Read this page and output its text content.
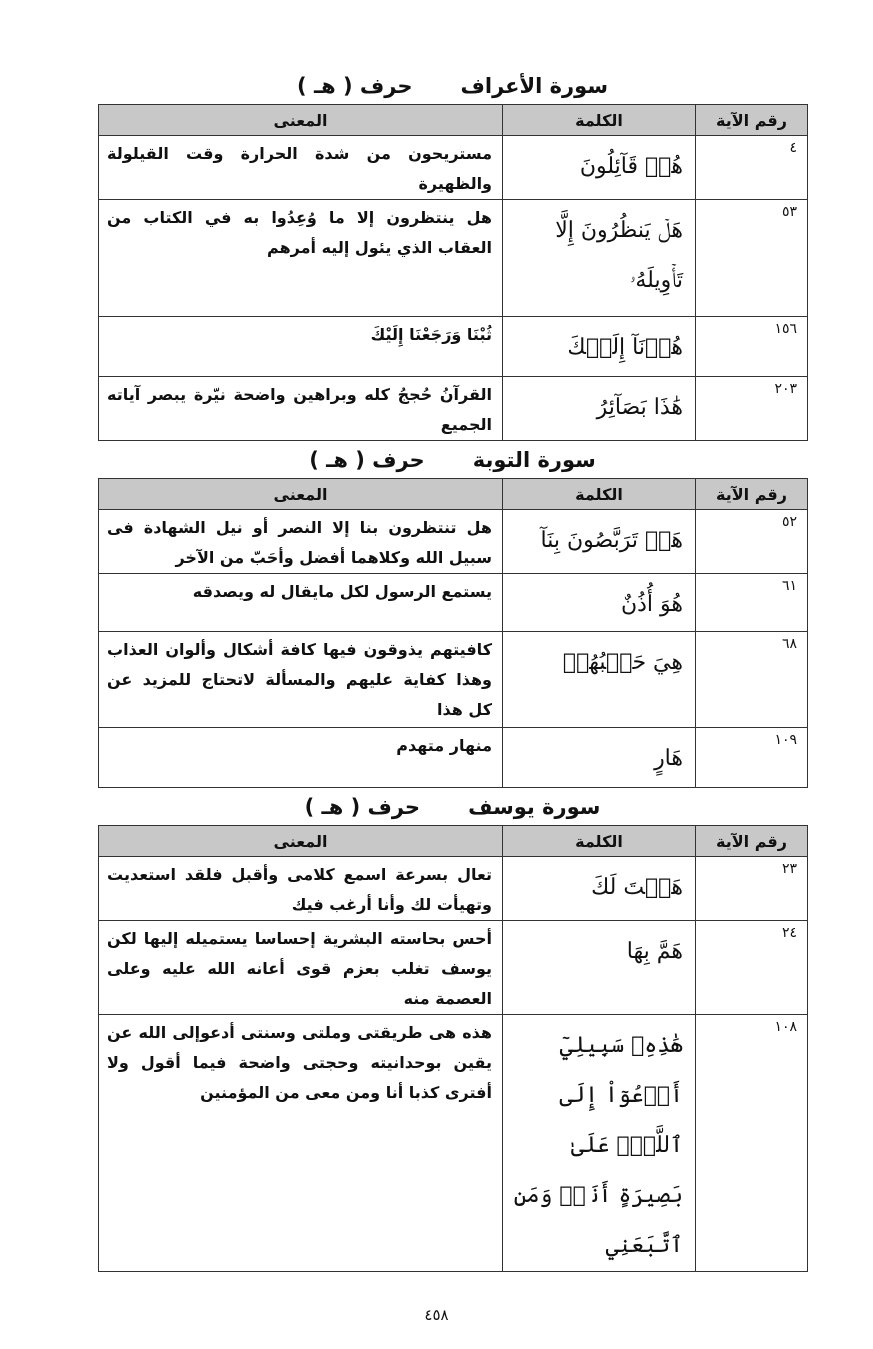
سورة الأعراف
حرف ( هـ )
رقم الآية	الكلمة	المعنى
٤	هُمۡ قَآئِلُونَ	مستريحون من شدة الحرارة وقت القيلولة والظهيرة
٥٣	هَلۡ يَنظُرُونَ إِلَّا تَأۡوِيلَهُۥ	هل ينتظرون إلا ما وُعِدُوا به في الكتاب من العقاب الذي يئول إليه أمرهم
١٥٦	هُدۡنَآ إِلَيۡكَ	ثُبْنَا وَرَجَعْنَا إِلَيْكَ
٢٠٣	هَٰذَا بَصَآئِرُ	القرآنُ حُججُ كله وبراهين واضحة نيّرة يبصر آياته الجميع
سورة التوبة
حرف ( هـ )
رقم الآية	الكلمة	المعنى
٥٢	هَلۡ تَرَبَّصُونَ بِنَآ	هل تنتظرون بنا إلا النصر أو نيل الشهادة فى سبيل الله وكلاهما أفضل وأحَبّ من الآخر
٦١	هُوَ أُذُنٌ	يستمع الرسول لكل مايقال له ويصدقه
٦٨	هِيَ حَسۡبُهُمۡ	كافيتهم يذوقون فيها كافة أشكال وألوان العذاب وهذا كفاية عليهم والمسألة لاتحتاج للمزيد عن كل هذا
١٠٩	هَارٍ	منهار متهدم
سورة يوسف
حرف ( هـ )
رقم الآية	الكلمة	المعنى
٢٣	هَيۡتَ لَكَ	تعال بسرعة اسمع كلامى وأقبل فلقد استعديت وتهيأت لك وأنا أرغب فيك
٢٤	هَمَّ بِهَا	أحس بحاسته البشرية إحساسا يستميله إليها لكن يوسف تغلب بعزم قوى أعانه الله عليه وعلى العصمة منه
١٠٨	هَٰذِهِۦ سَبِيلِيٓ أَدۡعُوٓاْ إِلَى ٱللَّهِۚ عَلَىٰ بَصِيرَةٍ أَنَا۠ وَمَنِ ٱتَّبَعَنِي	هذه هى طريقتى وملتى وسنتى أدعوإلى الله عن يقين بوحدانيته وحجتى واضحة فيما أقول ولا أفترى كذبا أنا ومن معى من المؤمنين
٤٥٨
